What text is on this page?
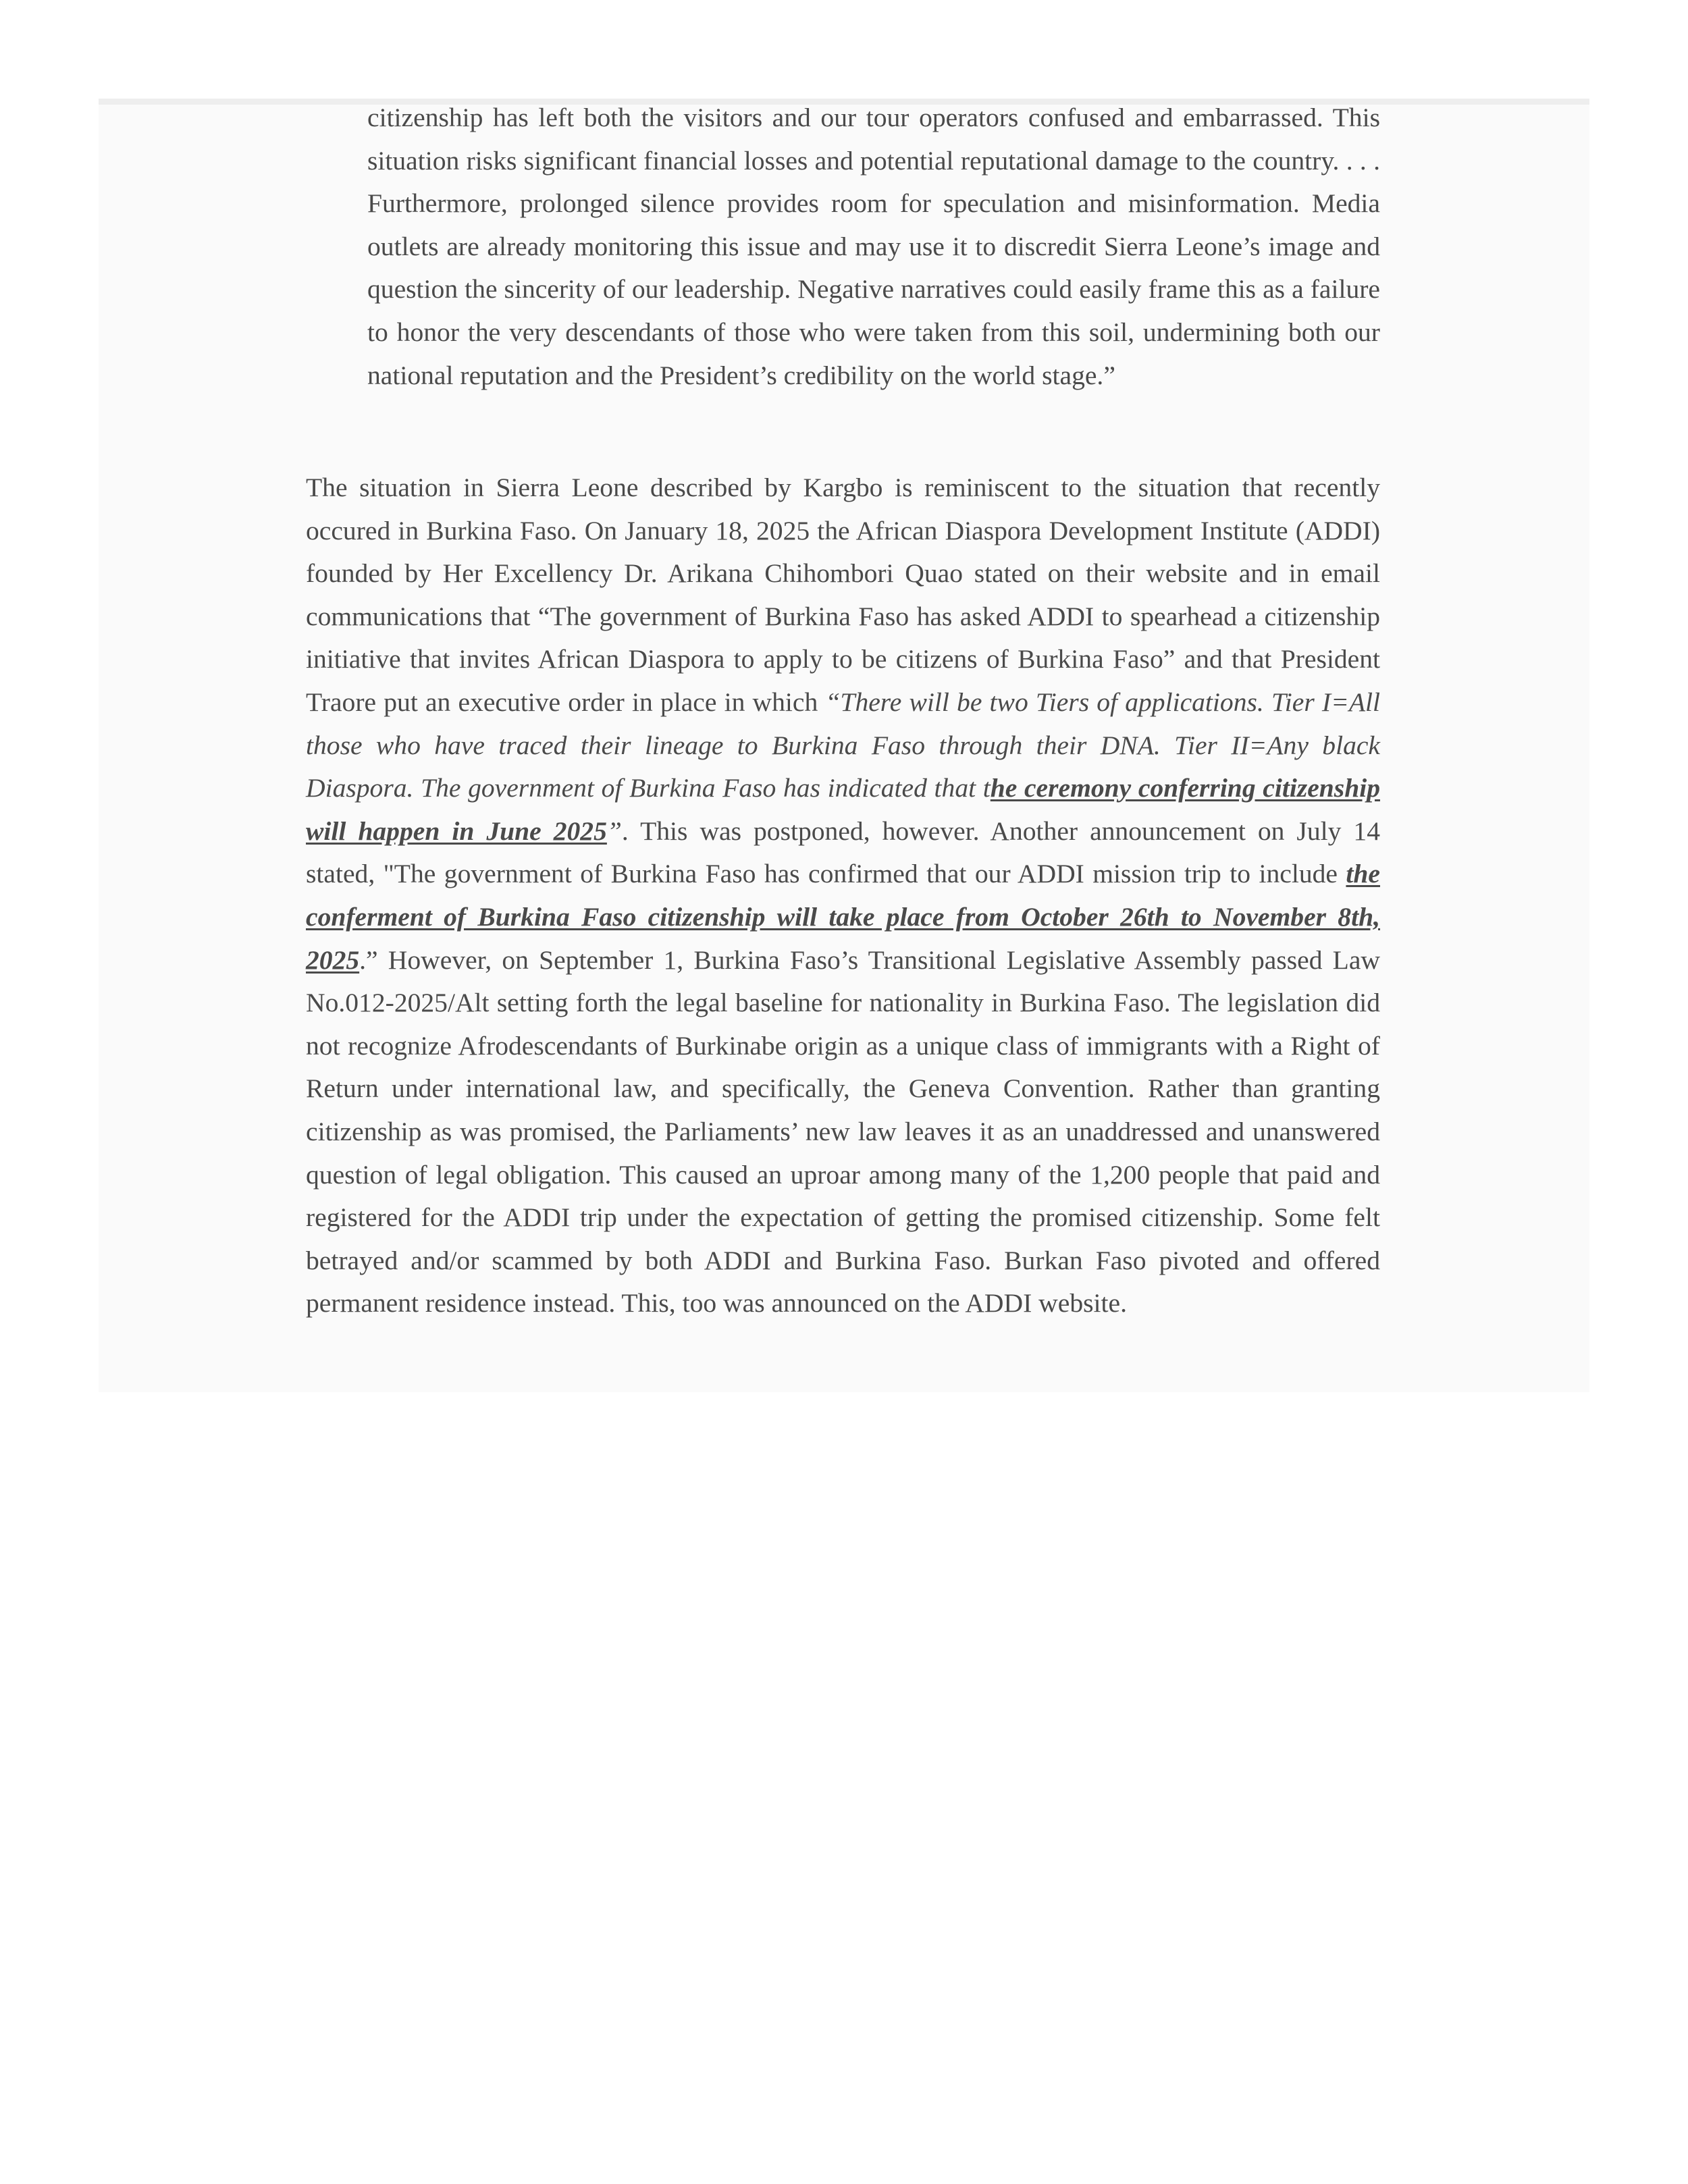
citizenship has left both the visitors and our tour operators confused and embarrassed. This situation risks significant financial losses and potential reputational damage to the country. . . . Furthermore, prolonged silence provides room for speculation and misinformation. Media outlets are already monitoring this issue and may use it to discredit Sierra Leone’s image and question the sincerity of our leadership. Negative narratives could easily frame this as a failure to honor the very descendants of those who were taken from this soil, undermining both our national reputation and the President’s credibility on the world stage.”

The situation in Sierra Leone described by Kargbo is reminiscent to the situation that recently occured in Burkina Faso. On January 18, 2025 the African Diaspora Development Institute (ADDI) founded by Her Excellency Dr. Arikana Chihombori Quao stated on their website and in email communications that “The government of Burkina Faso has asked ADDI to spearhead a citizenship initiative that invites African Diaspora to apply to be citizens of Burkina Faso” and that President Traore put an executive order in place in which “There will be two Tiers of applications. Tier I=All those who have traced their lineage to Burkina Faso through their DNA. Tier II=Any black Diaspora. The government of Burkina Faso has indicated that the ceremony conferring citizenship will happen in June 2025”. This was postponed, however. Another announcement on July 14 stated, "The government of Burkina Faso has confirmed that our ADDI mission trip to include the conferment of Burkina Faso citizenship will take place from October 26th to November 8th, 2025.” However, on September 1, Burkina Faso’s Transitional Legislative Assembly passed Law No.012-2025/Alt setting forth the legal baseline for nationality in Burkina Faso. The legislation did not recognize Afrodescendants of Burkinabe origin as a unique class of immigrants with a Right of Return under international law, and specifically, the Geneva Convention. Rather than granting citizenship as was promised, the Parliaments’ new law leaves it as an unaddressed and unanswered question of legal obligation. This caused an uproar among many of the 1,200 people that paid and registered for the ADDI trip under the expectation of getting the promised citizenship. Some felt betrayed and/or scammed by both ADDI and Burkina Faso. Burkan Faso pivoted and offered permanent residence instead. This, too was announced on the ADDI website.
